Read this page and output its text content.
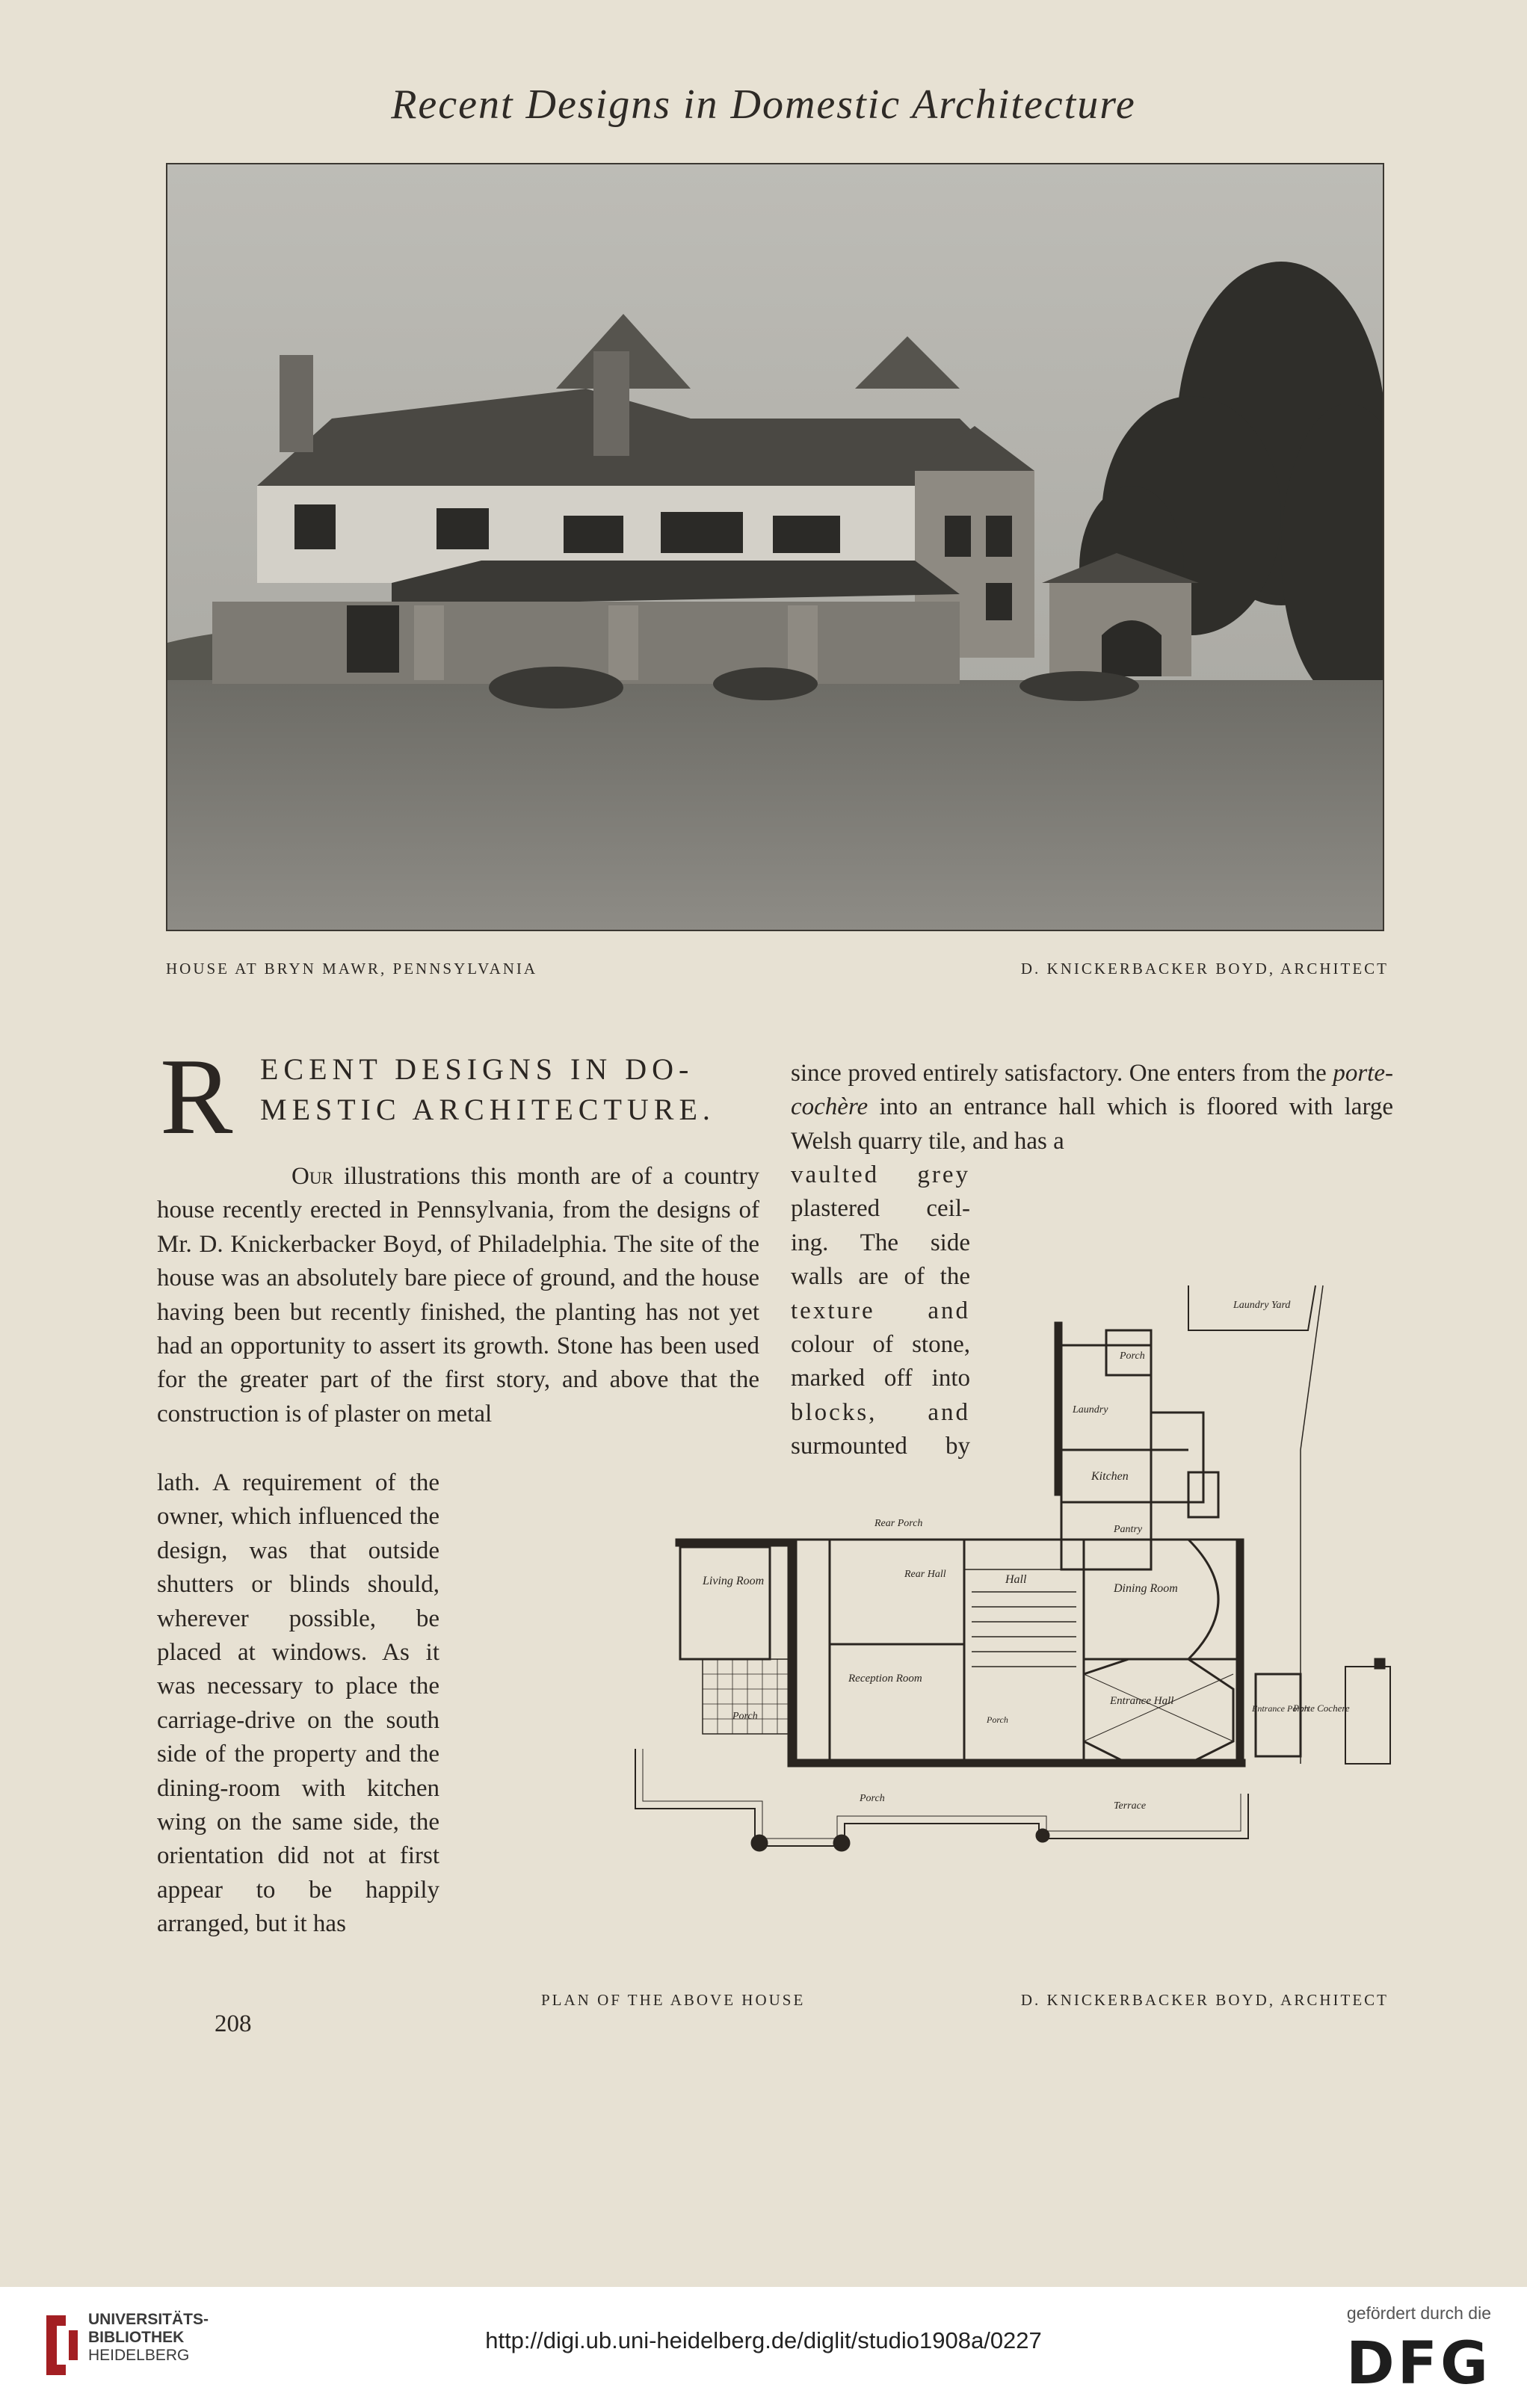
Recent Designs in Domestic Architecture
HOUSE AT BRYN MAWR, PENNSYLVANIA	D. KNICKERBACKER BOYD, ARCHITECT
R ECENT DESIGNS IN DO-
MESTIC ARCHITECTURE.

Our illustrations this month are of a country house recently erected in Pennsylvania, from the designs of Mr. D. Knickerbacker Boyd, of Philadelphia. The site of the house was an absolutely bare piece of ground, and the house having been but recently finished, the planting has not yet had an opportunity to assert its growth. Stone has been used for the greater part of the first story, and above that the construction is of plaster on metal

lath. A requirement of the owner, which influenced the design, was that outside shutters or blinds should, wherever possible, be placed at windows. As it was necessary to place the carriage-drive on the south side of the property and the dining-room with kitchen wing on the same side, the orientation did not at first appear to be happily arranged, but it has

since proved entirely satisfactory. One enters from the porte-cochère into an entrance hall which is floored with large Welsh quarry tile, and has a

vaulted grey
plastered ceil-
ing. The side
walls are of the
texture and
colour of stone,
marked off into
blocks, and
surmounted by
Laundry Yard
Porch
Laundry
Kitchen
Pantry
Rear Porch
Living Room
Rear Hall	Hall
Dining Room
Reception Room
Entrance Hall
Entrance Porch
Porte Cochere
Porch
Porch
Porch
Terrace
PLAN OF THE ABOVE HOUSE	D. KNICKERBACKER BOYD, ARCHITECT
208
UNIVERSITÄTS-
BIBLIOTHEK
HEIDELBERG
http://digi.ub.uni-heidelberg.de/diglit/studio1908a/0227
gefördert durch die
DFG
